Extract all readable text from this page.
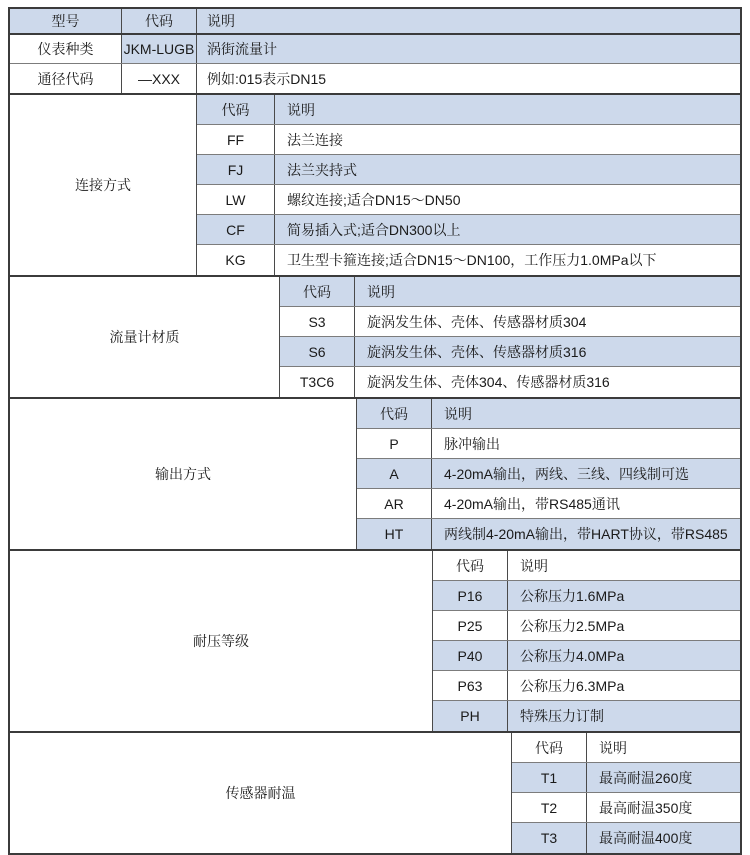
型号	代码	说明
仪表种类	JKM-LUGB 涡街流量计
通径代码	—XXX	例如:015表示DN15
连接方式
代码	说明
FF	法兰连接
FJ	法兰夹持式
LW	螺纹连接;适合DN15～DN50
CF	简易插入式;适合DN300以上
KG	卫生型卡箍连接;适合DN15～DN100，工作压力1.0MPa以下
流量计材质
代码	说明
S3	旋涡发生体、壳体、传感器材质304
S6	旋涡发生体、壳体、传感器材质316
T3C6	旋涡发生体、壳体304、传感器材质316
输出方式
代码	说明
P	脉冲输出
A	4-20mA输出，两线、三线、四线制可选
AR	4-20mA输出，带RS485通讯
HT	两线制4-20mA输出，带HART协议，带RS485
耐压等级
代码	说明
P16	公称压力1.6MPa
P25	公称压力2.5MPa
P40	公称压力4.0MPa
P63	公称压力6.3MPa
PH	特殊压力订制
传感器耐温
代码	说明
T1	最高耐温260度
T2	最高耐温350度
T3	最高耐温400度
